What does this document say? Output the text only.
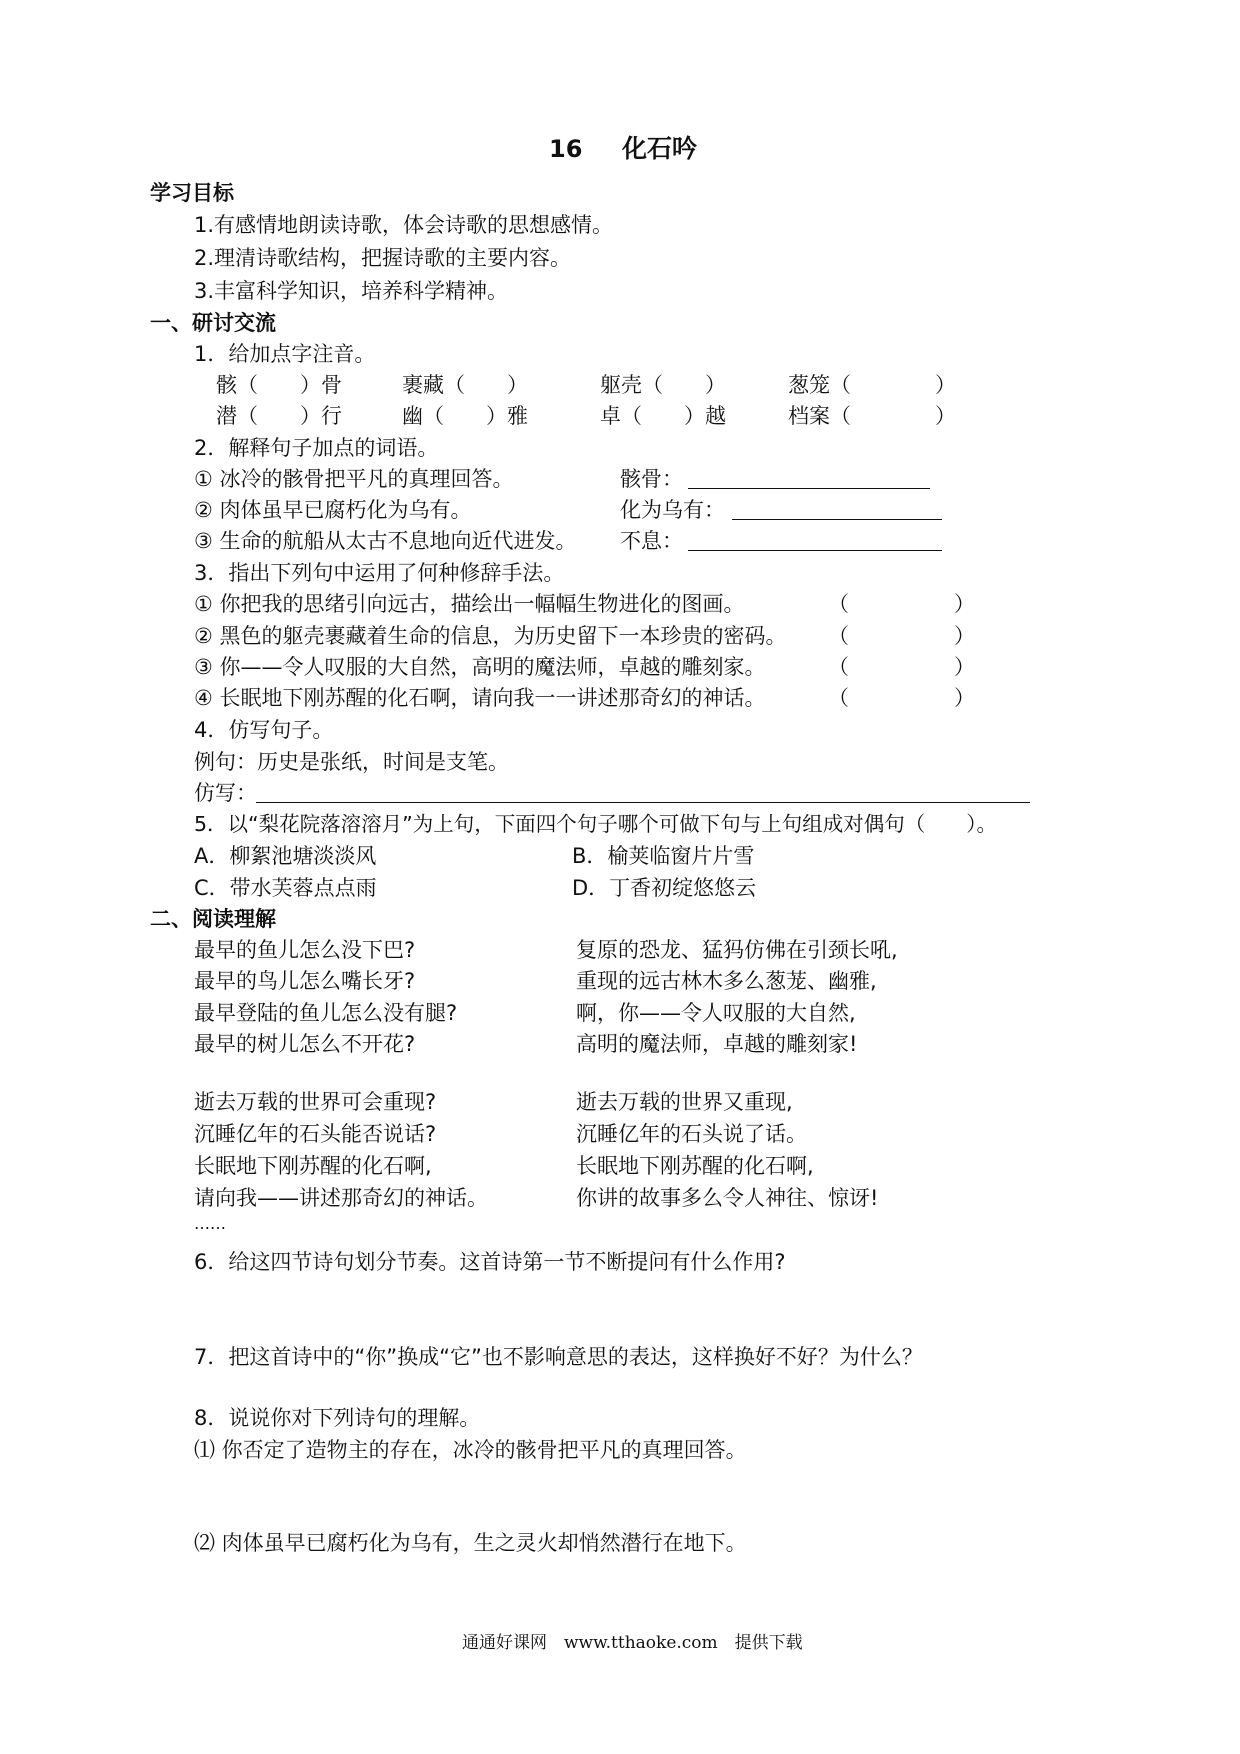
16 化石吟
学习目标
1.有感情地朗读诗歌，体会诗歌的思想感情。
2.理清诗歌结构，把握诗歌的主要内容。
3.丰富科学知识，培养科学精神。
一、研讨交流
1．给加点字注音。
骸（　　）骨	裹藏（　　）	躯壳（　　）	葱笼（　　　　）
潜（　　）行	幽（　　）雅	卓（　　）越	档案（　　　　）
2．解释句子加点的词语。
① 冰冷的骸骨把平凡的真理回答。	骸骨：
② 肉体虽早已腐朽化为乌有。	化为乌有：
③ 生命的航船从太古不息地向近代进发。 不息：
3．指出下列句中运用了何种修辞手法。
① 你把我的思绪引向远古，描绘出一幅幅生物进化的图画。	（　　　　　）
② 黑色的躯壳裹藏着生命的信息，为历史留下一本珍贵的密码。 （　　　　　）
③ 你——令人叹服的大自然，高明的魔法师，卓越的雕刻家。	（　　　　　）
④ 长眠地下刚苏醒的化石啊，请向我一一讲述那奇幻的神话。	（　　　　　）
4．仿写句子。
例句：历史是张纸，时间是支笔。
仿写：
5．以“梨花院落溶溶月”为上句，下面四个句子哪个可做下句与上句组成对偶句（　　）。
A．柳絮池塘淡淡风	B．榆荚临窗片片雪
C．带水芙蓉点点雨	D．丁香初绽悠悠云
二、阅读理解
最早的鱼儿怎么没下巴?
最早的鸟儿怎么嘴长牙?
最早登陆的鱼儿怎么没有腿?
最早的树儿怎么不开花?
复原的恐龙、猛犸仿佛在引颈长吼,
重现的远古林木多么葱茏、幽雅,
啊，你——令人叹服的大自然,
高明的魔法师，卓越的雕刻家!
逝去万载的世界可会重现?
沉睡亿年的石头能否说话?
长眠地下刚苏醒的化石啊,
请向我——讲述那奇幻的神话。
逝去万载的世界又重现,
沉睡亿年的石头说了话。
长眠地下刚苏醒的化石啊,
你讲的故事多么令人神往、惊讶!
……
6．给这四节诗句划分节奏。这首诗第一节不断提问有什么作用?
7．把这首诗中的“你”换成“它”也不影响意思的表达，这样换好不好？为什么？
8．说说你对下列诗句的理解。
⑴ 你否定了造物主的存在，冰冷的骸骨把平凡的真理回答。
⑵ 肉体虽早已腐朽化为乌有，生之灵火却悄然潜行在地下。
通通好课网　www.tthaoke.com　提供下载
